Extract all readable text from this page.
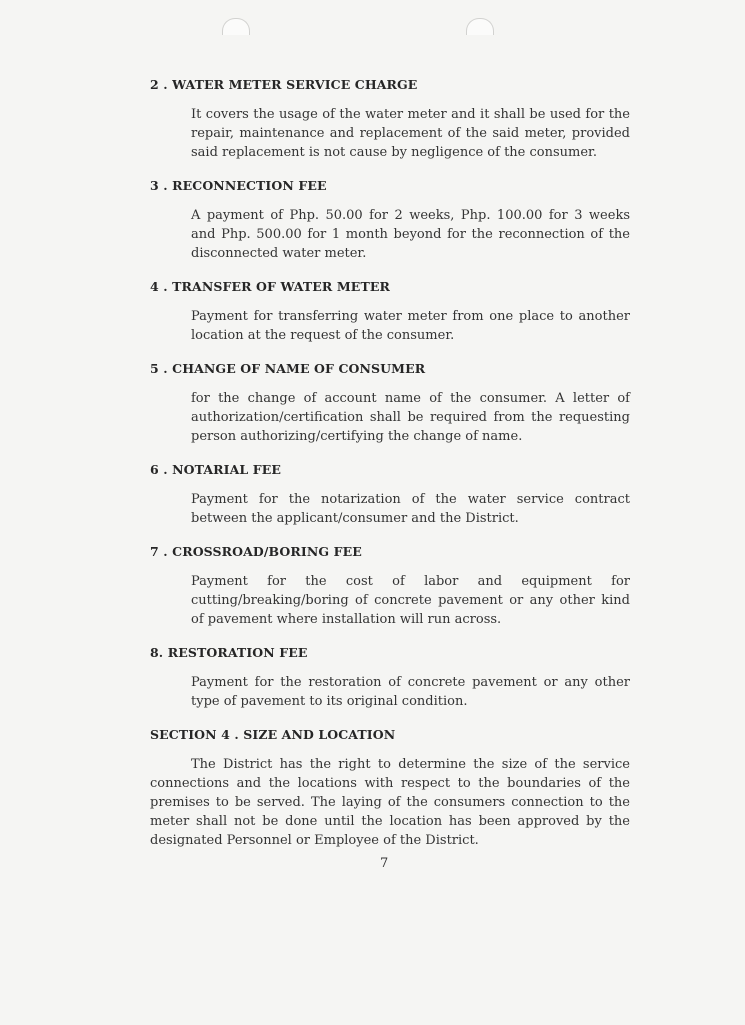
2 . WATER METER SERVICE CHARGE
It covers the usage of the water meter and it shall be used for the repair, maintenance and replacement of the said meter, provided said replacement is not cause by negligence of the consumer.
3 . RECONNECTION FEE
A payment of Php. 50.00 for 2 weeks, Php. 100.00 for 3 weeks and Php. 500.00 for 1 month beyond for the reconnection of the disconnected water meter.
4 . TRANSFER OF WATER METER
Payment for transferring water meter from one place to another location at the request of the consumer.
5 . CHANGE OF NAME OF CONSUMER
for the change of account name of the consumer. A letter of authorization/certification shall be required from the requesting person authorizing/certifying the change of name.
6 . NOTARIAL FEE
Payment for the notarization of the water service contract between the applicant/consumer and the District.
7 . CROSSROAD/BORING FEE
Payment for the cost of labor and equipment for cutting/breaking/boring of concrete pavement or any other kind of pavement where installation will run across.
8. RESTORATION FEE
Payment for the restoration of concrete pavement or any other type of pavement to its original condition.
SECTION 4 . SIZE AND LOCATION
The District has the right to determine the size of the service connections and the locations with respect to the boundaries of the premises to be served. The laying of the consumers connection to the meter shall not be done until the location has been approved by the designated Personnel or Employee of the District.
7
